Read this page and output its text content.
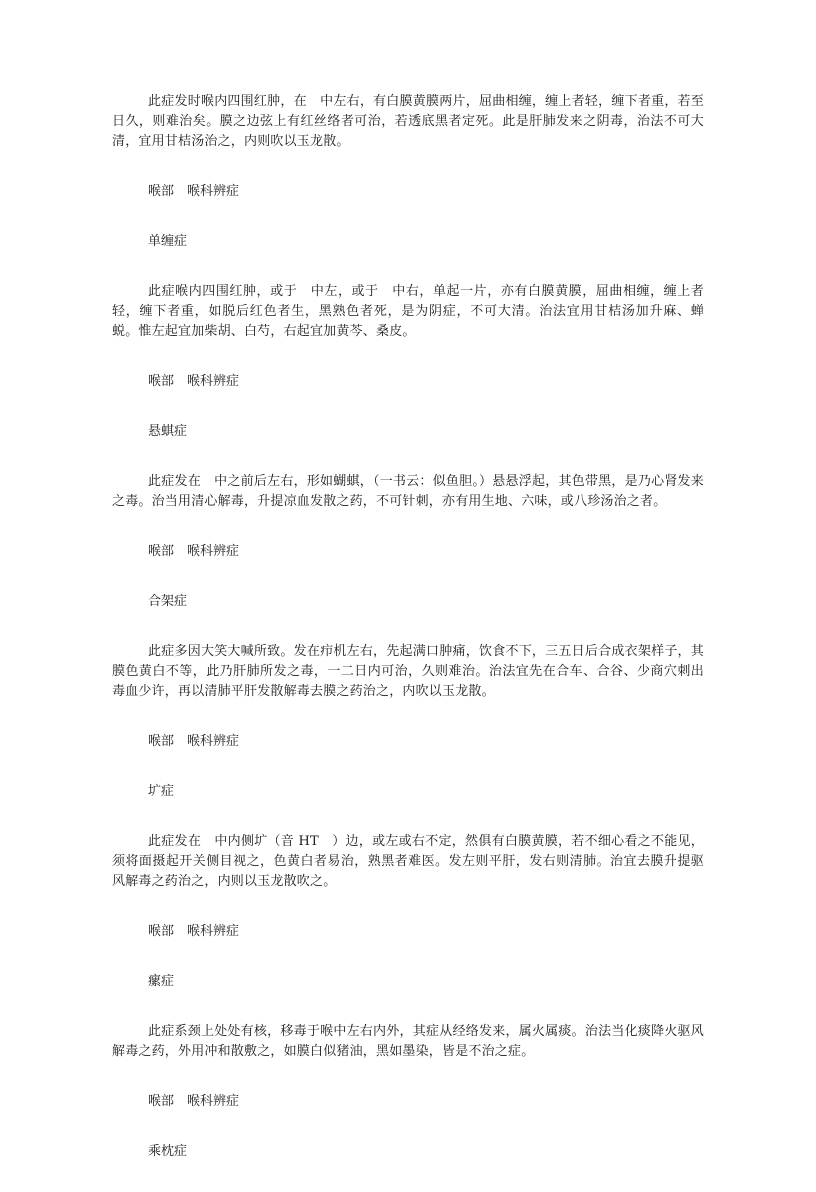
此症发时喉内四围红肿，在　中左右，有白膜黄膜两片，屈曲相缠，缠上者轻，缠下者重，若至日久，则难治矣。膜之边弦上有红丝络者可治，若透底黑者定死。此是肝肺发来之阴毒，治法不可大清，宜用甘桔汤治之，内则吹以玉龙散。

喉部　喉科辨症
单缠症

此症喉内四围红肿，或于　中左，或于　中右，单起一片，亦有白膜黄膜，屈曲相缠，缠上者轻，缠下者重，如脱后红色者生，黑熟色者死，是为阴症，不可大清。治法宜用甘桔汤加升麻、蝉蜕。惟左起宜加柴胡、白芍，右起宜加黄芩、桑皮。

喉部　喉科辨症
悬蜞症

此症发在　中之前后左右，形如蝴蜞，（一书云：似鱼胆。）悬悬浮起，其色带黑，是乃心肾发来之毒。治当用清心解毒，升提凉血发散之药，不可针刺，亦有用生地、六味，或八珍汤治之者。

喉部　喉科辨症
合架症

此症多因大笑大喊所致。发在疖机左右，先起满口肿痛，饮食不下，三五日后合成衣架样子，其膜色黄白不等，此乃肝肺所发之毒，一二日内可治，久则难治。治法宜先在合车、合谷、少商穴刺出毒血少许，再以清肺平肝发散解毒去膜之药治之，内吹以玉龙散。

喉部　喉科辨症
圹症

此症发在　中内侧圹（音 HT　）边，或左或右不定，然俱有白膜黄膜，若不细心看之不能见，须将面摄起开关侧目视之，色黄白者易治，熟黑者难医。发左则平肝，发右则清肺。治宜去膜升提驱风解毒之药治之，内则以玉龙散吹之。

喉部　喉科辨症
瘰症

此症系颈上处处有核，移毒于喉中左右内外，其症从经络发来，属火属痰。治法当化痰降火驱风解毒之药，外用冲和散敷之，如膜白似猪油，黑如墨染，皆是不治之症。

喉部　喉科辨症
乘枕症
